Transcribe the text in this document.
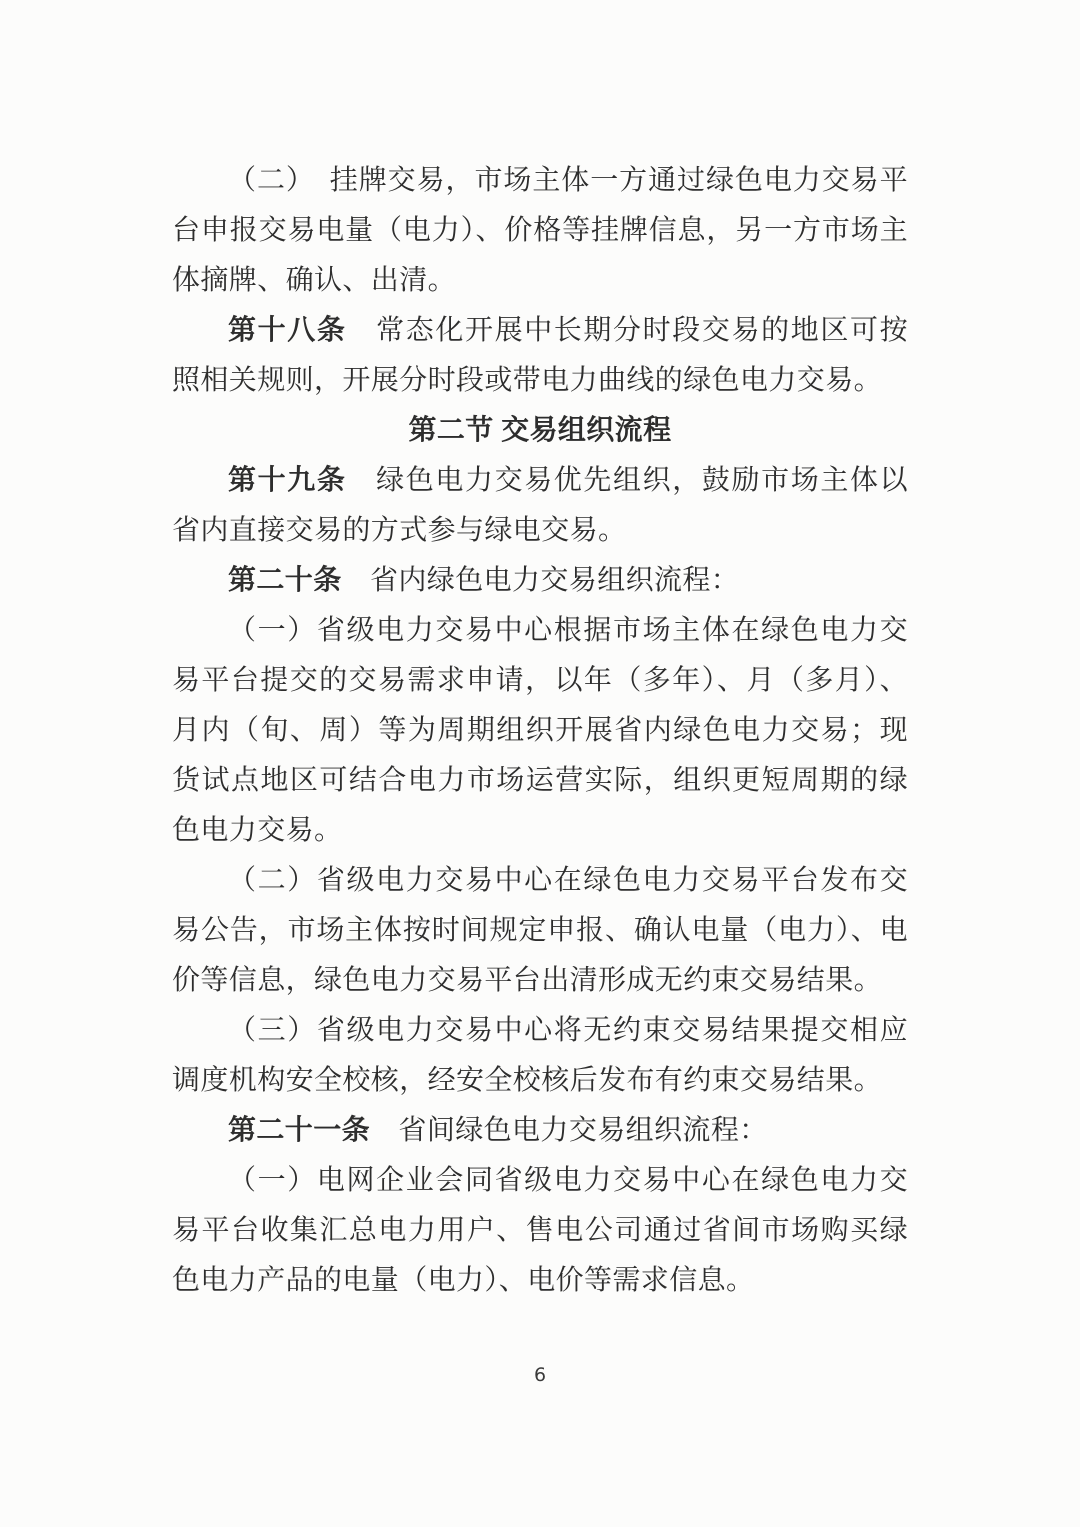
（二）　挂牌交易，市场主体一方通过绿色电力交易平台申报交易电量（电力）、价格等挂牌信息，另一方市场主体摘牌、确认、出清。

第十八条　常态化开展中长期分时段交易的地区可按照相关规则，开展分时段或带电力曲线的绿色电力交易。

第二节 交易组织流程

第十九条　绿色电力交易优先组织，鼓励市场主体以省内直接交易的方式参与绿电交易。

第二十条　省内绿色电力交易组织流程：

（一）省级电力交易中心根据市场主体在绿色电力交易平台提交的交易需求申请，以年（多年）、月（多月）、月内（旬、周）等为周期组织开展省内绿色电力交易；现货试点地区可结合电力市场运营实际，组织更短周期的绿色电力交易。

（二）省级电力交易中心在绿色电力交易平台发布交易公告，市场主体按时间规定申报、确认电量（电力）、电价等信息，绿色电力交易平台出清形成无约束交易结果。

（三）省级电力交易中心将无约束交易结果提交相应调度机构安全校核，经安全校核后发布有约束交易结果。

第二十一条　省间绿色电力交易组织流程：

（一）电网企业会同省级电力交易中心在绿色电力交易平台收集汇总电力用户、售电公司通过省间市场购买绿色电力产品的电量（电力）、电价等需求信息。

6
